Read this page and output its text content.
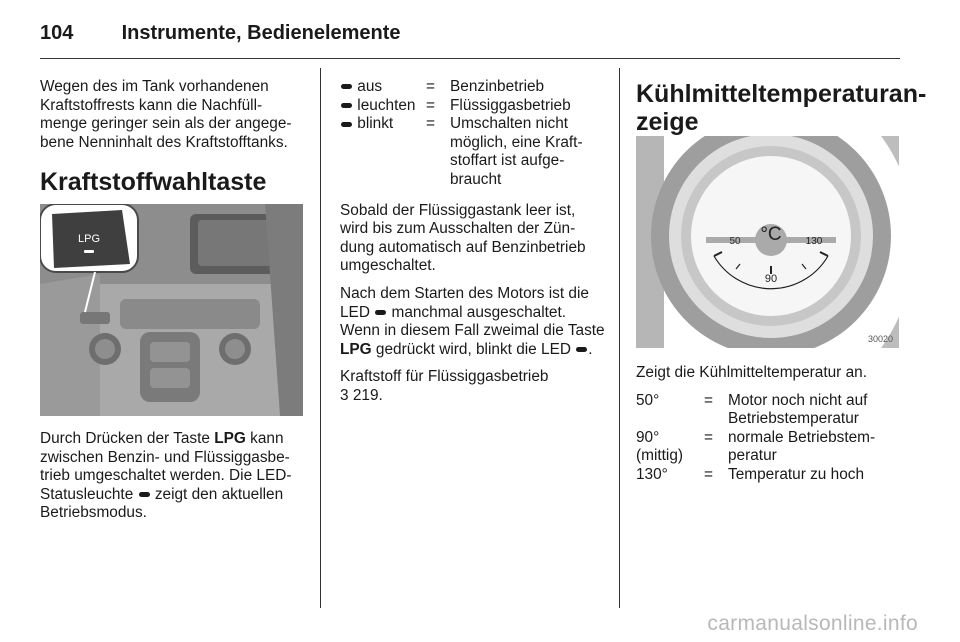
104 Instrumente, Bedienelemente

Wegen des im Tank vorhandenen Kraftstoffrests kann die Nachfüll-menge geringer sein als der angege-bene Nenninhalt des Kraftstofftanks.

Kraftstoffwahltaste
LPG

Durch Drücken der Taste LPG kann zwischen Benzin- und Flüssiggasbe-trieb umgeschaltet werden. Die LED-Statusleuchte  zeigt den aktuellen Betriebsmodus.

aus	=	Benzinbetrieb
leuchten	=	Flüssiggasbetrieb
blinkt	=	Umschalten nicht möglich, eine Kraft-stoffart ist aufge-braucht

Sobald der Flüssiggastank leer ist, wird bis zum Ausschalten der Zün-dung automatisch auf Benzinbetrieb umgeschaltet.

Nach dem Starten des Motors ist die LED  manchmal ausgeschaltet. Wenn in diesem Fall zweimal die Taste LPG gedrückt wird, blinkt die LED .

Kraftstoff für Flüssiggasbetrieb
3 219.

Kühlmitteltemperaturan-zeige
°C
50
90
130
30020

Zeigt die Kühlmitteltemperatur an.

50°	=	Motor noch nicht auf Betriebstemperatur
90° (mittig)	=	normale Betriebstem-peratur
130°	=	Temperatur zu hoch
carmanualsonline.info
